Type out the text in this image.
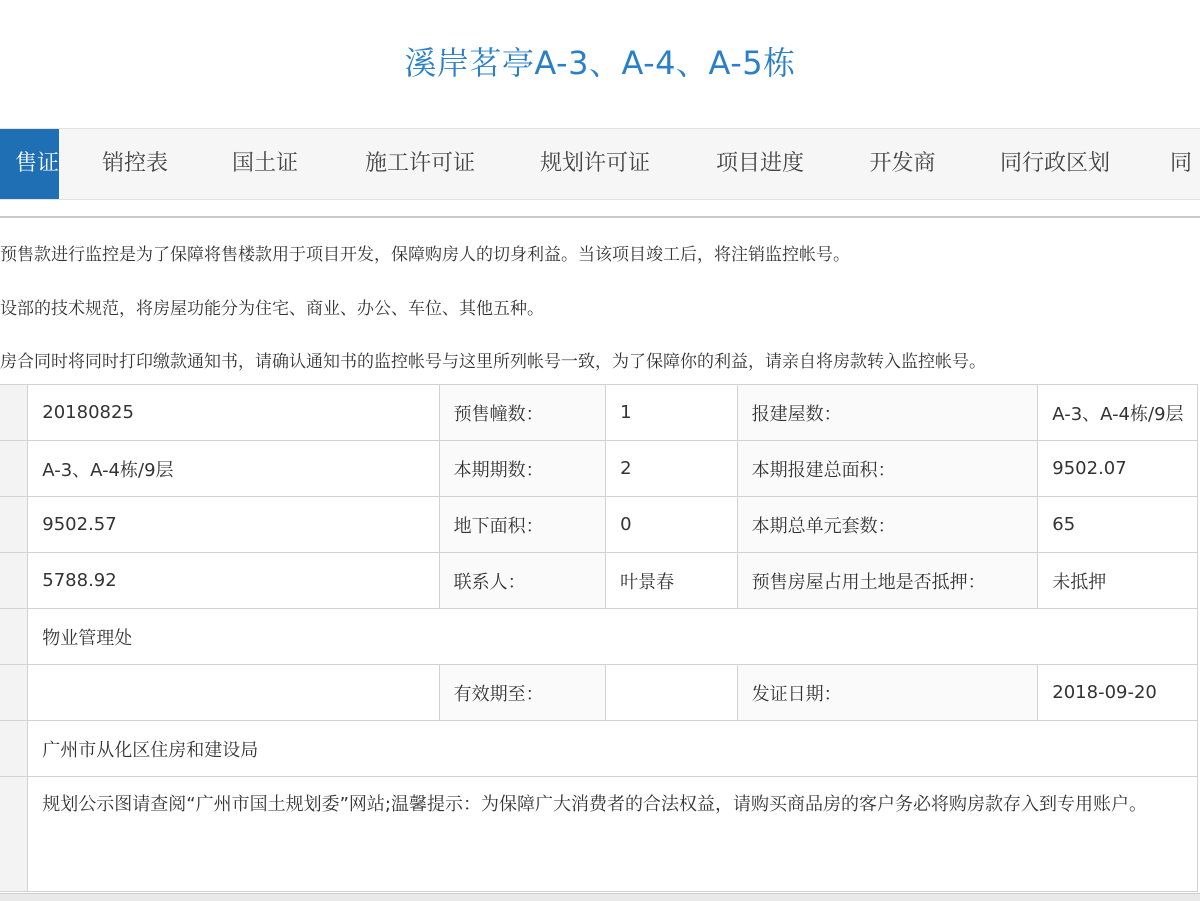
溪岸茗亭A-3、A-4、A-5栋
售证	销控表	国土证	施工许可证	规划许可证	项目进度	开发商	同行政区划	同
预售款进行监控是为了保障将售楼款用于项目开发，保障购房人的切身利益。当该项目竣工后，将注销监控帐号。
设部的技术规范，将房屋功能分为住宅、商业、办公、车位、其他五种。
房合同时将同时打印缴款通知书，请确认通知书的监控帐号与这里所列帐号一致，为了保障你的利益，请亲自将房款转入监控帐号。
	20180825	预售幢数：	1	报建屋数：	A-3、A-4栋/9层
	A-3、A-4栋/9层	本期期数：	2	本期报建总面积：	9502.07
	9502.57	地下面积：	0	本期总单元套数：	65
	5788.92	联系人：	叶景春	预售房屋占用土地是否抵押：	未抵押
	物业管理处				
		有效期至：		发证日期：	2018-09-20
	广州市从化区住房和建设局				
	规划公示图请查阅“广州市国土规划委”网站;温馨提示：为保障广大消费者的合法权益，请购买商品房的客户务必将购房款存入到专用账户。				
